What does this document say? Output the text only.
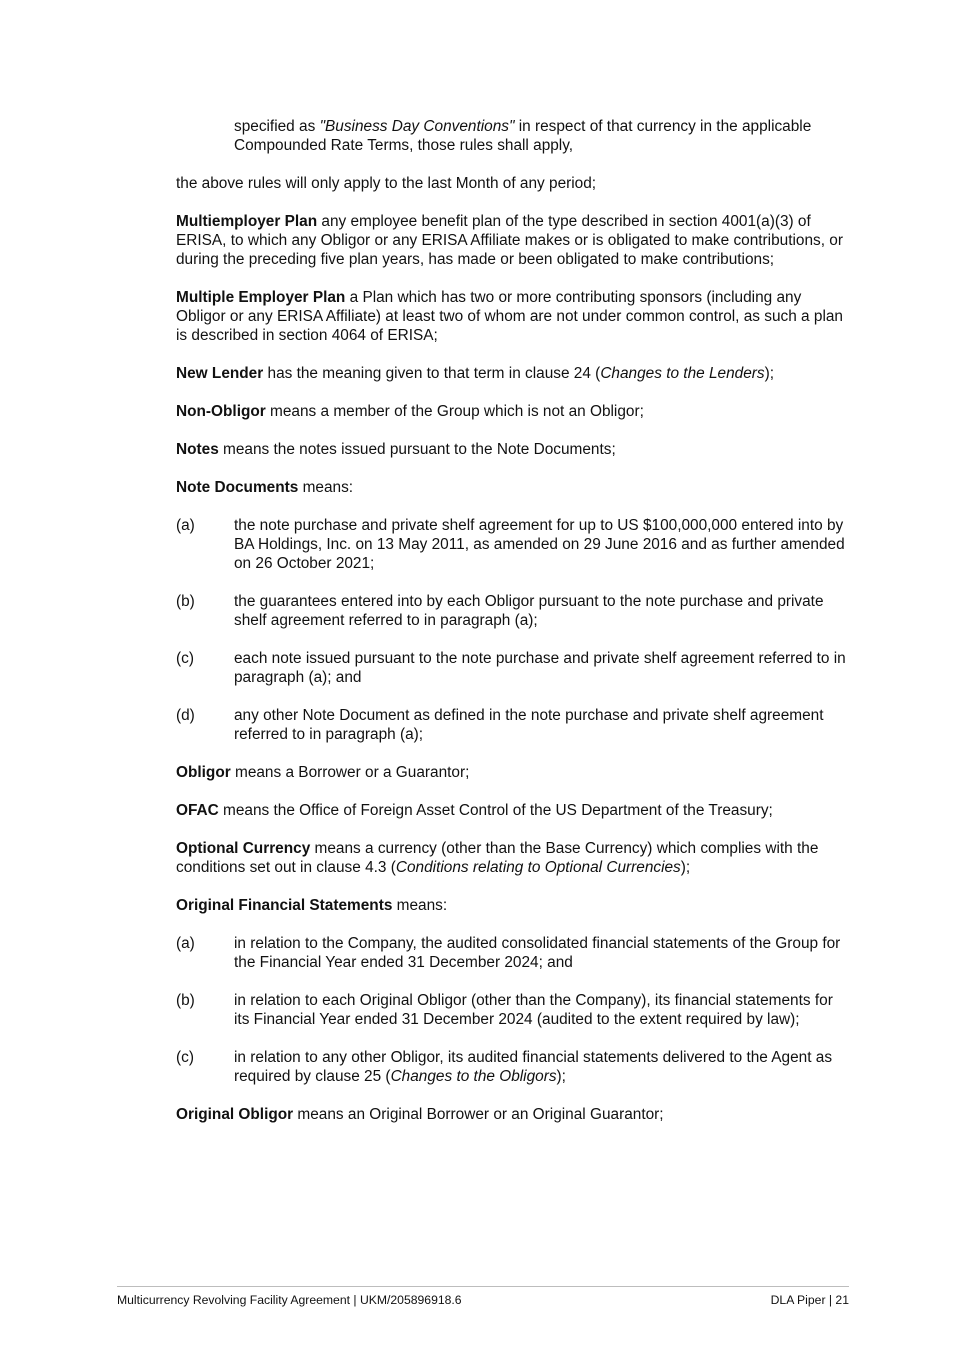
specified as "Business Day Conventions" in respect of that currency in the applicable Compounded Rate Terms, those rules shall apply,

the above rules will only apply to the last Month of any period;

Multiemployer Plan any employee benefit plan of the type described in section 4001(a)(3) of ERISA, to which any Obligor or any ERISA Affiliate makes or is obligated to make contributions, or during the preceding five plan years, has made or been obligated to make contributions;

Multiple Employer Plan a Plan which has two or more contributing sponsors (including any Obligor or any ERISA Affiliate) at least two of whom are not under common control, as such a plan is described in section 4064 of ERISA;

New Lender has the meaning given to that term in clause 24 (Changes to the Lenders);

Non-Obligor means a member of the Group which is not an Obligor;

Notes means the notes issued pursuant to the Note Documents;

Note Documents means:

(a)	the note purchase and private shelf agreement for up to US $100,000,000 entered into by BA Holdings, Inc. on 13 May 2011, as amended on 29 June 2016 and as further amended on 26 October 2021;
(b)	the guarantees entered into by each Obligor pursuant to the note purchase and private shelf agreement referred to in paragraph (a);
(c)	each note issued pursuant to the note purchase and private shelf agreement referred to in paragraph (a); and
(d)	any other Note Document as defined in the note purchase and private shelf agreement referred to in paragraph (a);

Obligor means a Borrower or a Guarantor;

OFAC means the Office of Foreign Asset Control of the US Department of the Treasury;

Optional Currency means a currency (other than the Base Currency) which complies with the conditions set out in clause 4.3 (Conditions relating to Optional Currencies);

Original Financial Statements means:

(a)	in relation to the Company, the audited consolidated financial statements of the Group for the Financial Year ended 31 December 2024; and
(b)	in relation to each Original Obligor (other than the Company), its financial statements for its Financial Year ended 31 December 2024 (audited to the extent required by law);
(c)	in relation to any other Obligor, its audited financial statements delivered to the Agent as required by clause 25 (Changes to the Obligors);

Original Obligor means an Original Borrower or an Original Guarantor;

Multicurrency Revolving Facility Agreement | UKM/205896918.6	DLA Piper | 21
